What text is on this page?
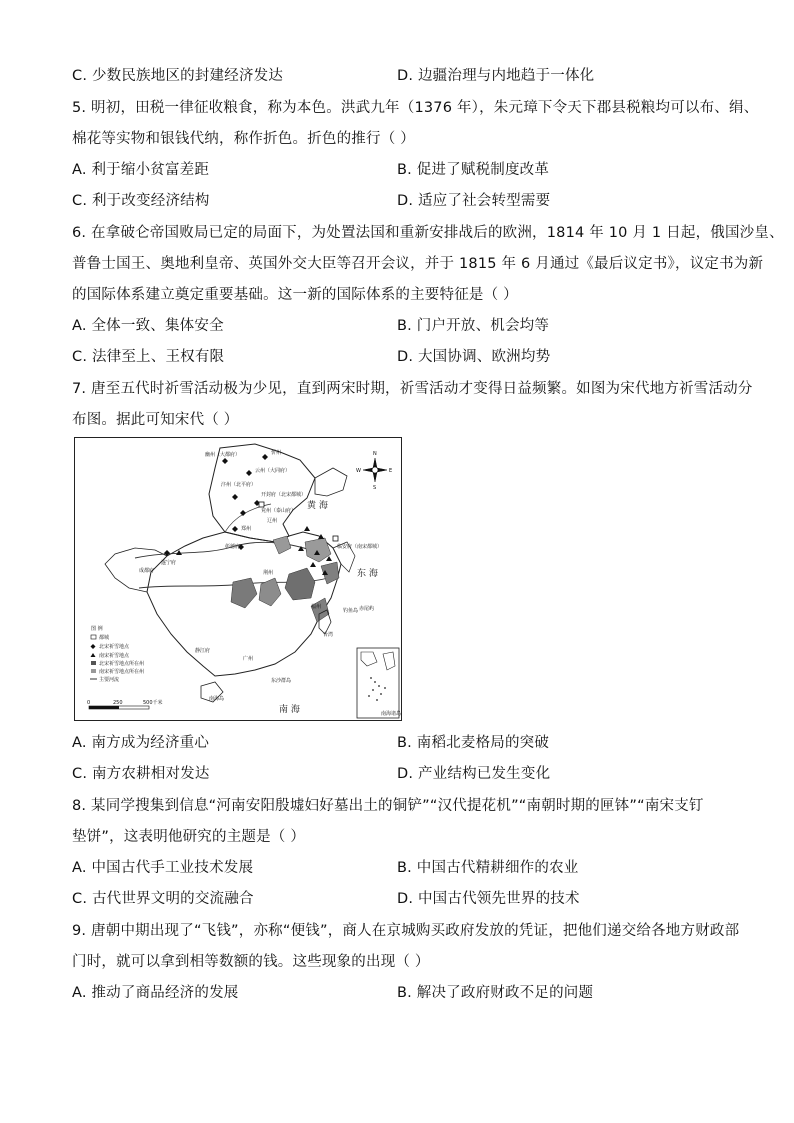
C. 少数民族地区的封建经济发达	D. 边疆治理与内地趋于一体化
5. 明初，田税一律征收粮食，称为本色。洪武九年（1376 年），朱元璋下令天下郡县税粮均可以布、绢、
棉花等实物和银钱代纳，称作折色。折色的推行（ ）
A. 利于缩小贫富差距	B. 促进了赋税制度改革
C. 利于改变经济结构	D. 适应了社会转型需要
6. 在拿破仑帝国败局已定的局面下，为处置法国和重新安排战后的欧洲，1814 年 10 月 1 日起，俄国沙皇、
普鲁士国王、奥地利皇帝、英国外交大臣等召开会议，并于 1815 年 6 月通过《最后议定书》，议定书为新
的国际体系建立奠定重要基础。这一新的国际体系的主要特征是（ ）
A. 全体一致、集体安全	B. 门户开放、机会均等
C. 法律至上、王权有限	D. 大国协调、欧洲均势
7. 唐至五代时祈雪活动极为少见，直到两宋时期，祈雪活动才变得日益频繁。如图为宋代地方祈雪活动分
布图。据此可知宋代（ ）
幽州（大都府）	忻州
云州（大同府）
汴州（北平府）
开封府（北宋都城）
兖州（泰山府）
辽州
郑州
彰德府
遂宁府
成都府	荆州
临安府（南宋都城）
福州
广州
静江府
台湾
钓鱼岛 赤尾屿
东沙群岛
南海岛
黄 海
东 海
南 海
N
S
E
W
图 例
都城
北宋祈雪地点
南宋祈雪地点
北宋祈雪地点所在州
南宋祈雪地点所在州
主要河流
0	250	500千米
南海诸岛
A. 南方成为经济重心	B. 南稻北麦格局的突破
C. 南方农耕相对发达	D. 产业结构已发生变化
8. 某同学搜集到信息“河南安阳殷墟妇好墓出土的铜铲”“汉代提花机”“南朝时期的匣钵”“南宋支钉
垫饼”，这表明他研究的主题是（ ）
A. 中国古代手工业技术发展	B. 中国古代精耕细作的农业
C. 古代世界文明的交流融合	D. 中国古代领先世界的技术
9. 唐朝中期出现了“飞钱”，亦称“便钱”，商人在京城购买政府发放的凭证，把他们递交给各地方财政部
门时，就可以拿到相等数额的钱。这些现象的出现（ ）
A. 推动了商品经济的发展	B. 解决了政府财政不足的问题
